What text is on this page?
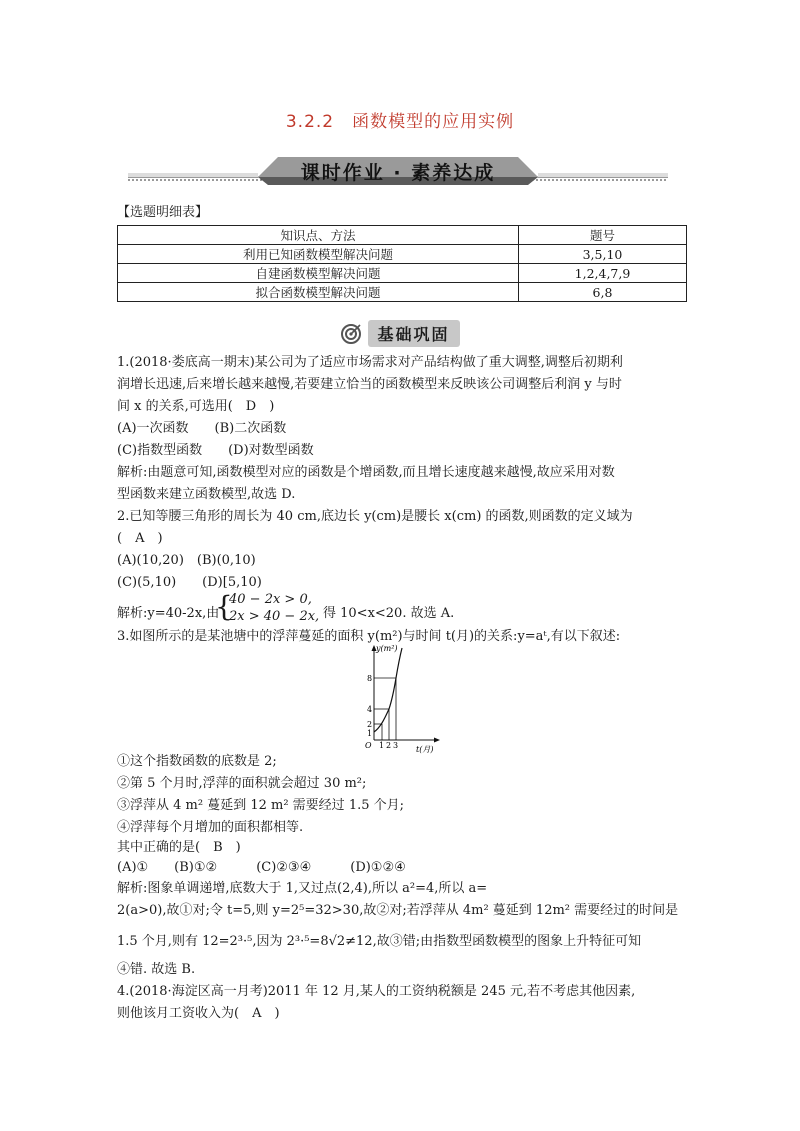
3.2.2　函数模型的应用实例
课时作业 · 素养达成
【选题明细表】
知识点、方法	题号
利用已知函数模型解决问题	3,5,10
自建函数模型解决问题	1,2,4,7,9
拟合函数模型解决问题	6,8
基础巩固
1.(2018·娄底高一期末)某公司为了适应市场需求对产品结构做了重大调整,调整后初期利
润增长迅速,后来增长越来越慢,若要建立恰当的函数模型来反映该公司调整后利润 y 与时
间 x 的关系,可选用(　D　)
(A)一次函数　　(B)二次函数
(C)指数型函数　　(D)对数型函数
解析:由题意可知,函数模型对应的函数是个增函数,而且增长速度越来越慢,故应采用对数
型函数来建立函数模型,故选 D.
2.已知等腰三角形的周长为 40 cm,底边长 y(cm)是腰长 x(cm) 的函数,则函数的定义域为
(　A　)
(A)(10,20)　(B)(0,10)
(C)(5,10)　　(D)[5,10)
解析:y=40-2x,由
{
40 − 2x > 0,
2x > 40 − 2x, 得 10<x<20. 故选 A.
3.如图所示的是某池塘中的浮萍蔓延的面积 y(m²)与时间 t(月)的关系:y=aᵗ,有以下叙述:
y(m²)
t(月)
O
8
4
2
1
1 2 3
①这个指数函数的底数是 2;
②第 5 个月时,浮萍的面积就会超过 30 m²;
③浮萍从 4 m² 蔓延到 12 m² 需要经过 1.5 个月;
④浮萍每个月增加的面积都相等.
其中正确的是(　B　)
(A)①　　(B)①②　　　(C)②③④　　　(D)①②④
解析:图象单调递增,底数大于 1,又过点(2,4),所以 a²=4,所以 a=
2(a>0),故①对;令 t=5,则 y=2⁵=32>30,故②对;若浮萍从 4m² 蔓延到 12m² 需要经过的时间是
1.5 个月,则有 12=2³·⁵,因为 2³·⁵=8√2≠12,故③错;由指数型函数模型的图象上升特征可知
④错. 故选 B.
4.(2018·海淀区高一月考)2011 年 12 月,某人的工资纳税额是 245 元,若不考虑其他因素,
则他该月工资收入为(　A　)
